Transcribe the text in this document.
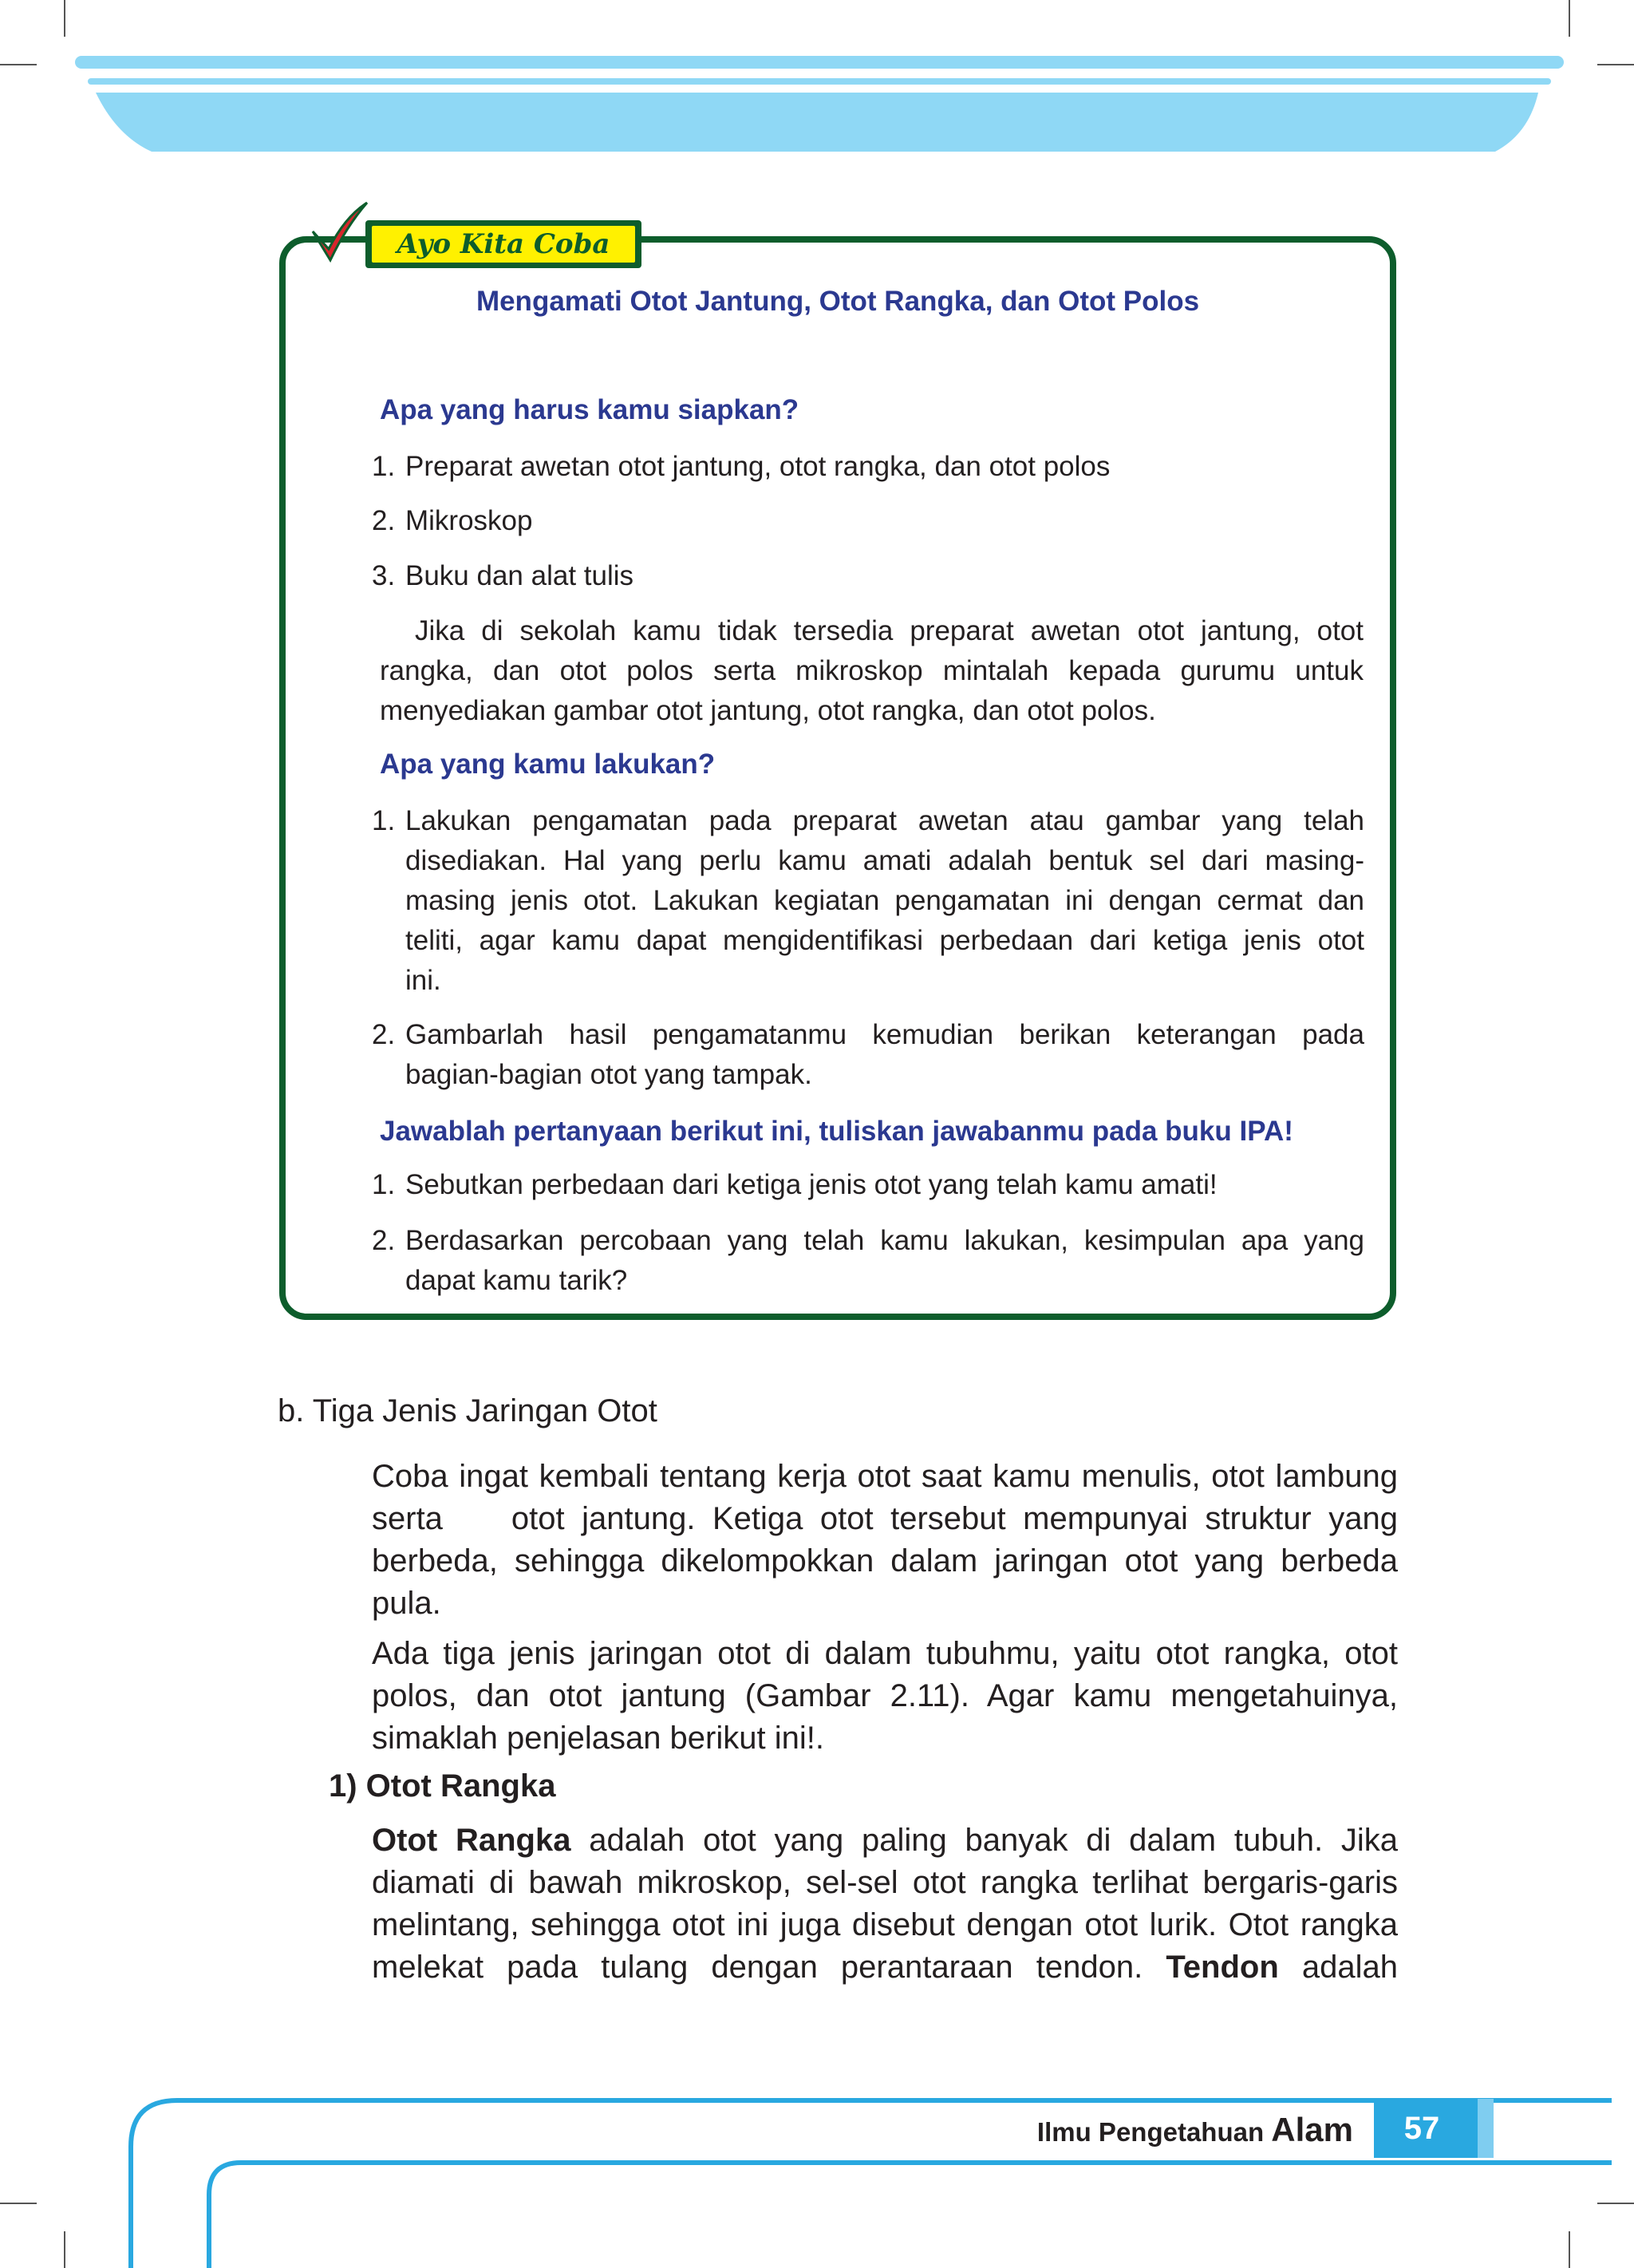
Ayo Kita Coba
Mengamati Otot Jantung, Otot Rangka, dan Otot Polos
Apa yang harus kamu siapkan?
1. Preparat awetan otot jantung, otot rangka, dan otot polos
2. Mikroskop
3. Buku dan alat tulis
Jika di sekolah kamu tidak tersedia preparat awetan otot jantung, otot
rangka, dan otot polos serta mikroskop mintalah kepada gurumu untuk
menyediakan gambar otot jantung, otot rangka, dan otot polos.
Apa yang kamu lakukan?
1. Lakukan pengamatan pada preparat awetan atau gambar yang telah
disediakan. Hal yang perlu kamu amati adalah bentuk sel dari masing-
masing jenis otot. Lakukan kegiatan pengamatan ini dengan cermat dan
teliti, agar kamu dapat mengidentifikasi perbedaan dari ketiga jenis otot
ini.
2. Gambarlah hasil pengamatanmu kemudian berikan keterangan pada
bagian-bagian otot yang tampak.
Jawablah pertanyaan berikut ini, tuliskan jawabanmu pada buku IPA!
1. Sebutkan perbedaan dari ketiga jenis otot yang telah kamu amati!
2. Berdasarkan percobaan yang telah kamu lakukan, kesimpulan apa yang
dapat kamu tarik?
b. Tiga Jenis Jaringan Otot
Coba ingat kembali tentang kerja otot saat kamu menulis, otot lambung
serta    otot jantung. Ketiga otot tersebut mempunyai struktur yang
berbeda, sehingga dikelompokkan dalam jaringan otot yang berbeda
pula.
Ada tiga jenis jaringan otot di dalam tubuhmu, yaitu otot rangka, otot
polos, dan otot jantung (Gambar 2.11). Agar kamu mengetahuinya,
simaklah penjelasan berikut ini!.
1) Otot Rangka
Otot Rangka adalah otot yang paling banyak di dalam tubuh. Jika
diamati di bawah mikroskop, sel-sel otot rangka terlihat bergaris-garis
melintang, sehingga otot ini juga disebut dengan otot lurik. Otot rangka
melekat pada tulang dengan perantaraan tendon. Tendon adalah
Ilmu Pengetahuan Alam	57
